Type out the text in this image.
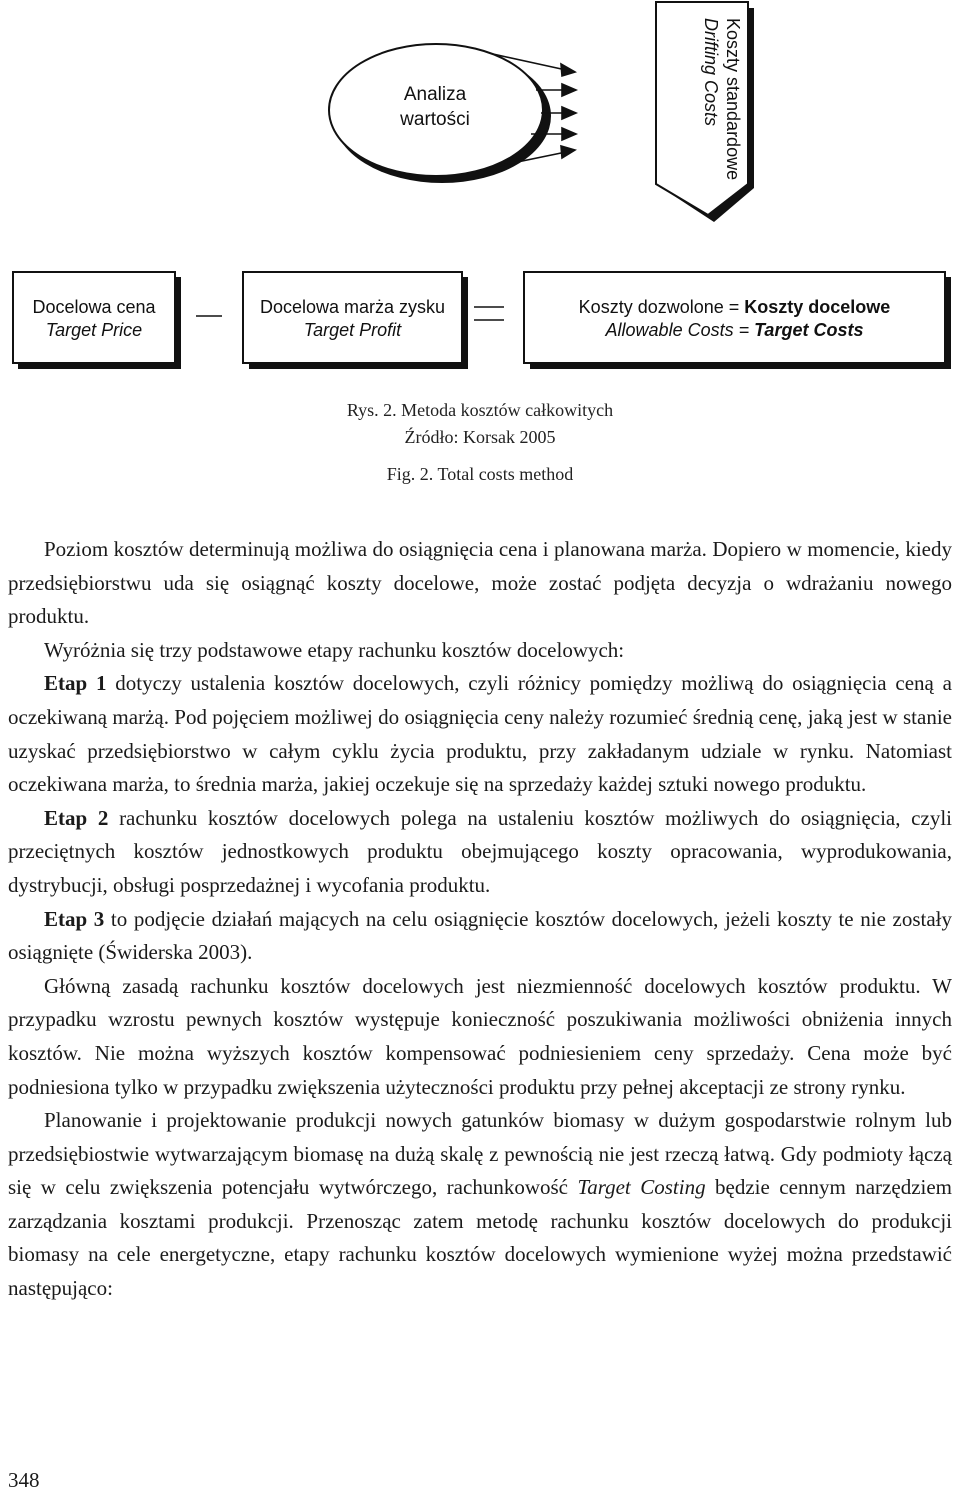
Analiza
wartości	Koszty standardowe
Drifting Costs
Docelowa cena
Target Price
Docelowa marża zysku
Target Profit
Koszty dozwolone = Koszty docelowe
Allowable Costs = Target Costs
Rys. 2. Metoda kosztów całkowitych
Źródło: Korsak 2005
Fig. 2. Total costs method

Poziom kosztów determinują możliwa do osiągnięcia cena i planowana marża. Dopiero w momencie, kiedy przedsiębiorstwu uda się osiągnąć koszty docelowe, może zostać podjęta decyzja o wdrażaniu nowego produktu.

Wyróżnia się trzy podstawowe etapy rachunku kosztów docelowych:

Etap 1 dotyczy ustalenia kosztów docelowych, czyli różnicy pomiędzy możliwą do osiągnięcia ceną a oczekiwaną marżą. Pod pojęciem możliwej do osiągnięcia ceny należy rozumieć średnią cenę, jaką jest w stanie uzyskać przedsiębiorstwo w całym cyklu życia produktu, przy zakładanym udziale w rynku. Natomiast oczekiwana marża, to średnia marża, jakiej oczekuje się na sprzedaży każdej sztuki nowego produktu.

Etap 2 rachunku kosztów docelowych polega na ustaleniu kosztów możliwych do osiągnięcia, czyli przeciętnych kosztów jednostkowych produktu obejmującego koszty opracowania, wyprodukowania, dystrybucji, obsługi posprzedażnej i wycofania produktu.

Etap 3 to podjęcie działań mających na celu osiągnięcie kosztów docelowych, jeżeli koszty te nie zostały osiągnięte (Świderska 2003).

Główną zasadą rachunku kosztów docelowych jest niezmienność docelowych kosztów produktu. W przypadku wzrostu pewnych kosztów występuje konieczność poszukiwania możliwości obniżenia innych kosztów. Nie można wyższych kosztów kompensować podniesieniem ceny sprzedaży. Cena może być podniesiona tylko w przypadku zwiększenia użyteczności produktu przy pełnej akceptacji ze strony rynku.

Planowanie i projektowanie produkcji nowych gatunków biomasy w dużym gospodarstwie rolnym lub przedsiębiostwie wytwarzającym biomasę na dużą skalę z pewnością nie jest rzeczą łatwą. Gdy podmioty łączą się w celu zwiększenia potencjału wytwórczego, rachunkowość Target Costing będzie cennym narzędziem zarządzania kosztami produkcji. Przenosząc zatem metodę rachunku kosztów docelowych do produkcji biomasy na cele energetyczne, etapy rachunku kosztów docelowych wymienione wyżej można przedstawić następująco:

348
